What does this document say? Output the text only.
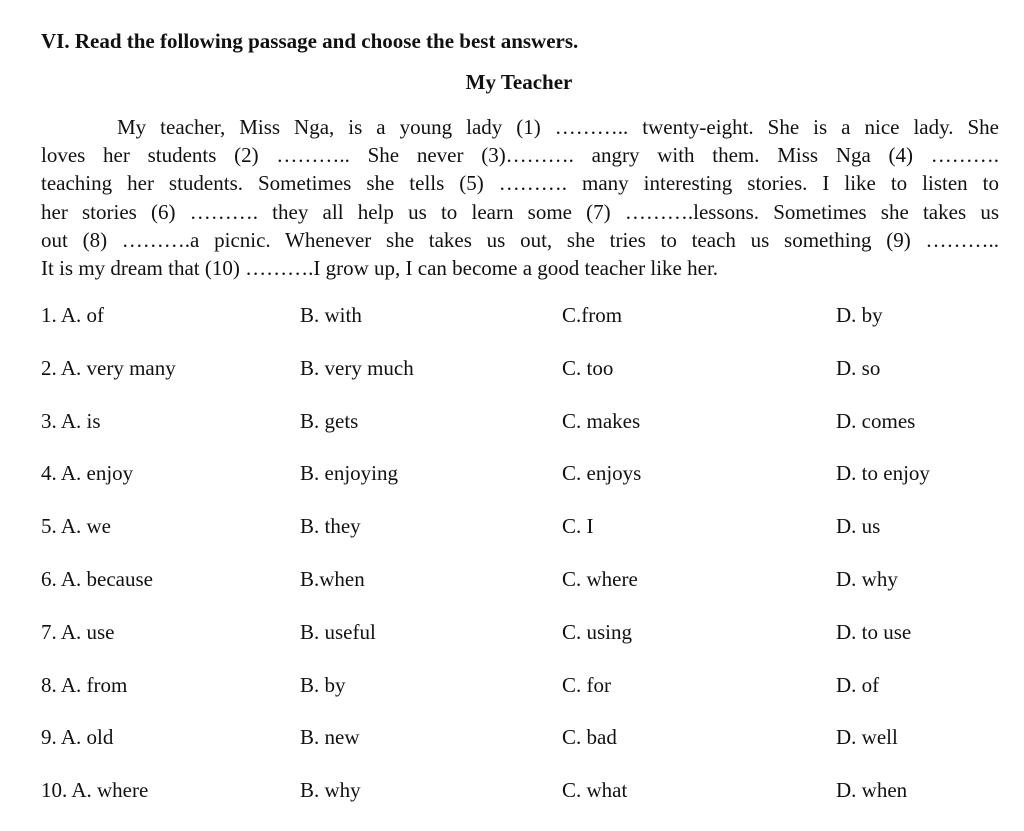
VI. Read the following passage and choose the best answers.
My Teacher
My teacher, Miss Nga, is a young lady (1) ……….. twenty-eight. She is a nice lady. She
loves her students (2) ……….. She never (3)………. angry with them. Miss Nga (4) ……….
teaching her students. Sometimes she tells (5) ………. many interesting stories. I like to listen to
her stories (6) ………. they all help us to learn some (7) ……….lessons. Sometimes she takes us
out (8) ……….a picnic. Whenever she takes us out, she tries to teach us something (9) ………..
It is my dream that (10) ……….I grow up, I can become a good teacher like her.
1. A. of	B. with	C.from	D. by
2. A. very many	B. very much	C. too	D. so
3. A. is	B. gets	C. makes	D. comes
4. A. enjoy	B. enjoying	C. enjoys	D. to enjoy
5. A. we	B. they	C. I	D. us
6. A. because	B.when	C. where	D. why
7. A. use	B. useful	C. using	D. to use
8. A. from	B. by	C. for	D. of
9. A. old	B. new	C. bad	D. well
10. A. where	B. why	C. what	D. when
